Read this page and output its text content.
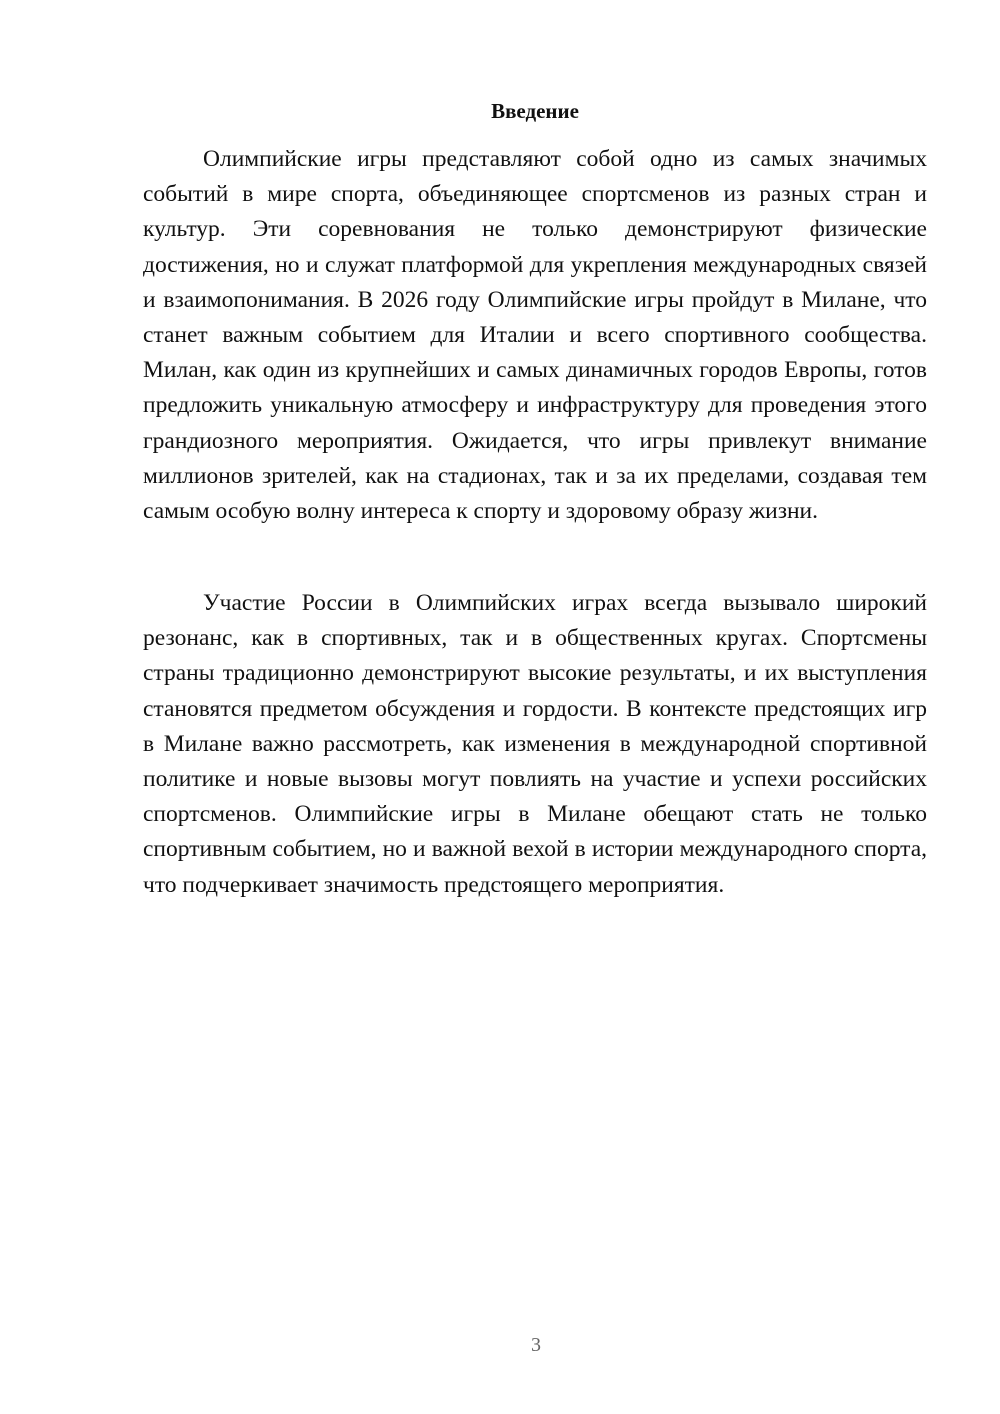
Введение

Олимпийские игры представляют собой одно из самых значимых событий в мире спорта, объединяющее спортсменов из разных стран и культур. Эти соревнования не только демонстрируют физические достижения, но и служат платформой для укрепления международных связей и взаимопонимания. В 2026 году Олимпийские игры пройдут в Милане, что станет важным событием для Италии и всего спортивного сообщества. Милан, как один из крупнейших и самых динамичных городов Европы, готов предложить уникальную атмосферу и инфраструктуру для проведения этого грандиозного мероприятия. Ожидается, что игры привлекут внимание миллионов зрителей, как на стадионах, так и за их пределами, создавая тем самым особую волну интереса к спорту и здоровому образу жизни.

Участие России в Олимпийских играх всегда вызывало широкий резонанс, как в спортивных, так и в общественных кругах. Спортсмены страны традиционно демонстрируют высокие результаты, и их выступления становятся предметом обсуждения и гордости. В контексте предстоящих игр в Милане важно рассмотреть, как изменения в международной спортивной политике и новые вызовы могут повлиять на участие и успехи российских спортсменов. Олимпийские игры в Милане обещают стать не только спортивным событием, но и важной вехой в истории международного спорта, что подчеркивает значимость предстоящего мероприятия.

3
